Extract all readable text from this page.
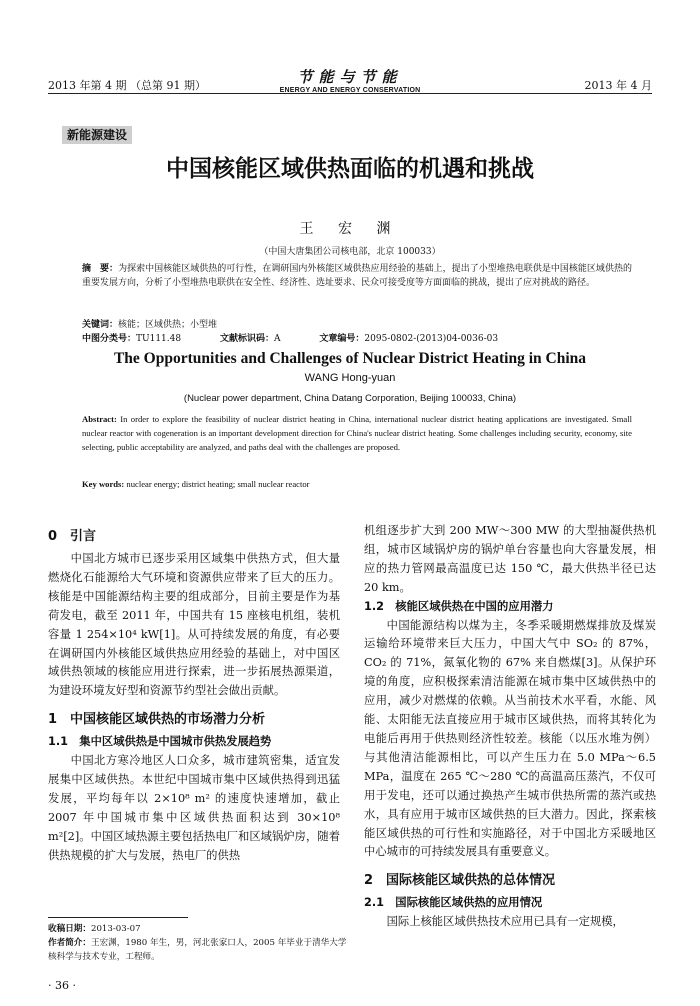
2013 年第 4 期 （总第 91 期）	节能与节能
ENERGY AND ENERGY CONSERVATION	2013 年 4 月
新能源建设
中国核能区域供热面临的机遇和挑战
王 宏 渊
（中国大唐集团公司核电部，北京 100033）
摘　要：为探索中国核能区域供热的可行性，在调研国内外核能区域供热应用经验的基础上，提出了小型堆热电联供是中国核能区域供热的重要发展方向，分析了小型堆热电联供在安全性、经济性、选址要求、民众可接受度等方面面临的挑战，提出了应对挑战的路径。
关键词：核能；区域供热；小型堆
中图分类号：TU111.48	文献标识码：A	文章编号：2095-0802-(2013)04-0036-03
The Opportunities and Challenges of Nuclear District Heating in China
WANG Hong-yuan
(Nuclear power department, China Datang Corporation, Beijing 100033, China)
Abstract: In order to explore the feasibility of nuclear district heating in China, international nuclear district heating applications are investigated. Small nuclear reactor with cogeneration is an important development direction for China's nuclear district heating. Some challenges including security, economy, site selecting, public acceptability are analyzed, and paths deal with the challenges are proposed.
Key words: nuclear energy; district heating; small nuclear reactor
0　引言

中国北方城市已逐步采用区域集中供热方式，但大量燃烧化石能源给大气环境和资源供应带来了巨大的压力。核能是中国能源结构主要的组成部分，目前主要是作为基荷发电，截至 2011 年，中国共有 15 座核电机组，装机容量 1 254×10⁴ kW[1]。从可持续发展的角度，有必要在调研国内外核能区域供热应用经验的基础上，对中国区域供热领域的核能应用进行探索，进一步拓展热源渠道，为建设环境友好型和资源节约型社会做出贡献。

1　中国核能区域供热的市场潜力分析
1.1　集中区域供热是中国城市供热发展趋势

中国北方寒冷地区人口众多，城市建筑密集，适宜发展集中区域供热。本世纪中国城市集中区域供热得到迅猛发展，平均每年以 2×10⁸ m² 的速度快速增加，截止 2007 年中国城市集中区域供热面积达到 30×10⁸ m²[2]。中国区域热源主要包括热电厂和区域锅炉房，随着供热规模的扩大与发展，热电厂的供热

机组逐步扩大到 200 MW～300 MW 的大型抽凝供热机组，城市区域锅炉房的锅炉单台容量也向大容量发展，相应的热力管网最高温度已达 150 ℃，最大供热半径已达 20 km。

1.2　核能区域供热在中国的应用潜力

中国能源结构以煤为主，冬季采暖期燃煤排放及煤炭运输给环境带来巨大压力，中国大气中 SO₂ 的 87%，CO₂ 的 71%，氮氧化物的 67% 来自燃煤[3]。从保护环境的角度，应积极探索清洁能源在城市集中区域供热中的应用，减少对燃煤的依赖。从当前技术水平看，水能、风能、太阳能无法直接应用于城市区域供热，而将其转化为电能后再用于供热则经济性较差。核能（以压水堆为例）与其他清洁能源相比，可以产生压力在 5.0 MPa～6.5 MPa，温度在 265 ℃～280 ℃的高温高压蒸汽，不仅可用于发电，还可以通过换热产生城市供热所需的蒸汽或热水，具有应用于城市区域供热的巨大潜力。因此，探索核能区域供热的可行性和实施路径，对于中国北方采暖地区中心城市的可持续发展具有重要意义。

2　国际核能区域供热的总体情况
2.1　国际核能区域供热的应用情况

国际上核能区域供热技术应用已具有一定规模，

收稿日期：2013-03-07
作者简介：王宏渊，1980 年生，男，河北张家口人，2005 年毕业于清华大学核科学与技术专业，工程师。
· 36 ·
